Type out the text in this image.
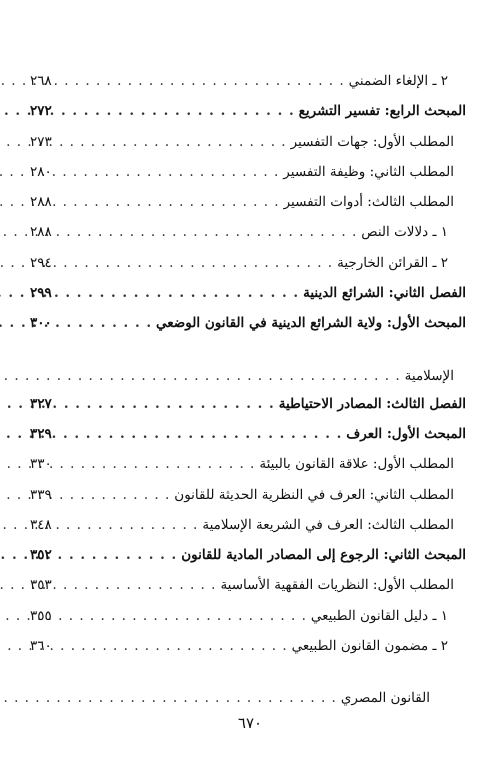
٢ ـ الإلغاء الضمني
. . .
٢٦٨
المبحث الرابع: تفسير التشريع
. . .
٢٧٢
المطلب الأول: جهات التفسير
. . .
٢٧٣
المطلب الثاني: وظيفة التفسير
. . .
٢٨٠
المطلب الثالث: أدوات التفسير
. . .
٢٨٨
١ ـ دلالات النص
. . .
٢٨٨
٢ ـ القرائن الخارجية
. . .
٢٩٤
الفصل الثاني: الشرائع الدينية
. . .
٢٩٩
المبحث الأول: ولاية الشرائع الدينية في القانون الوضعي
. . .
٣٠٠
الإسلامية
. . .
الفصل الثالث: المصادر الاحتياطية
. . .
٣٢٧
المبحث الأول: العرف
. . .
٣٢٩
المطلب الأول: علاقة القانون بالبيئة
. . .
٣٣٠
المطلب الثاني: العرف في النظرية الحديثة للقانون
. . .
٣٣٩
المطلب الثالث: العرف في الشريعة الإسلامية
. . .
٣٤٨
المبحث الثاني: الرجوع إلى المصادر المادية للقانون
. . .
٣٥٢
المطلب الأول: النظريات الفقهية الأساسية
. . .
٣٥٣
١ ـ دليل القانون الطبيعي
. . .
٣٥٥
٢ ـ مضمون القانون الطبيعي
. . .
٣٦٠
القانون المصري
. . .
٦٧٠
